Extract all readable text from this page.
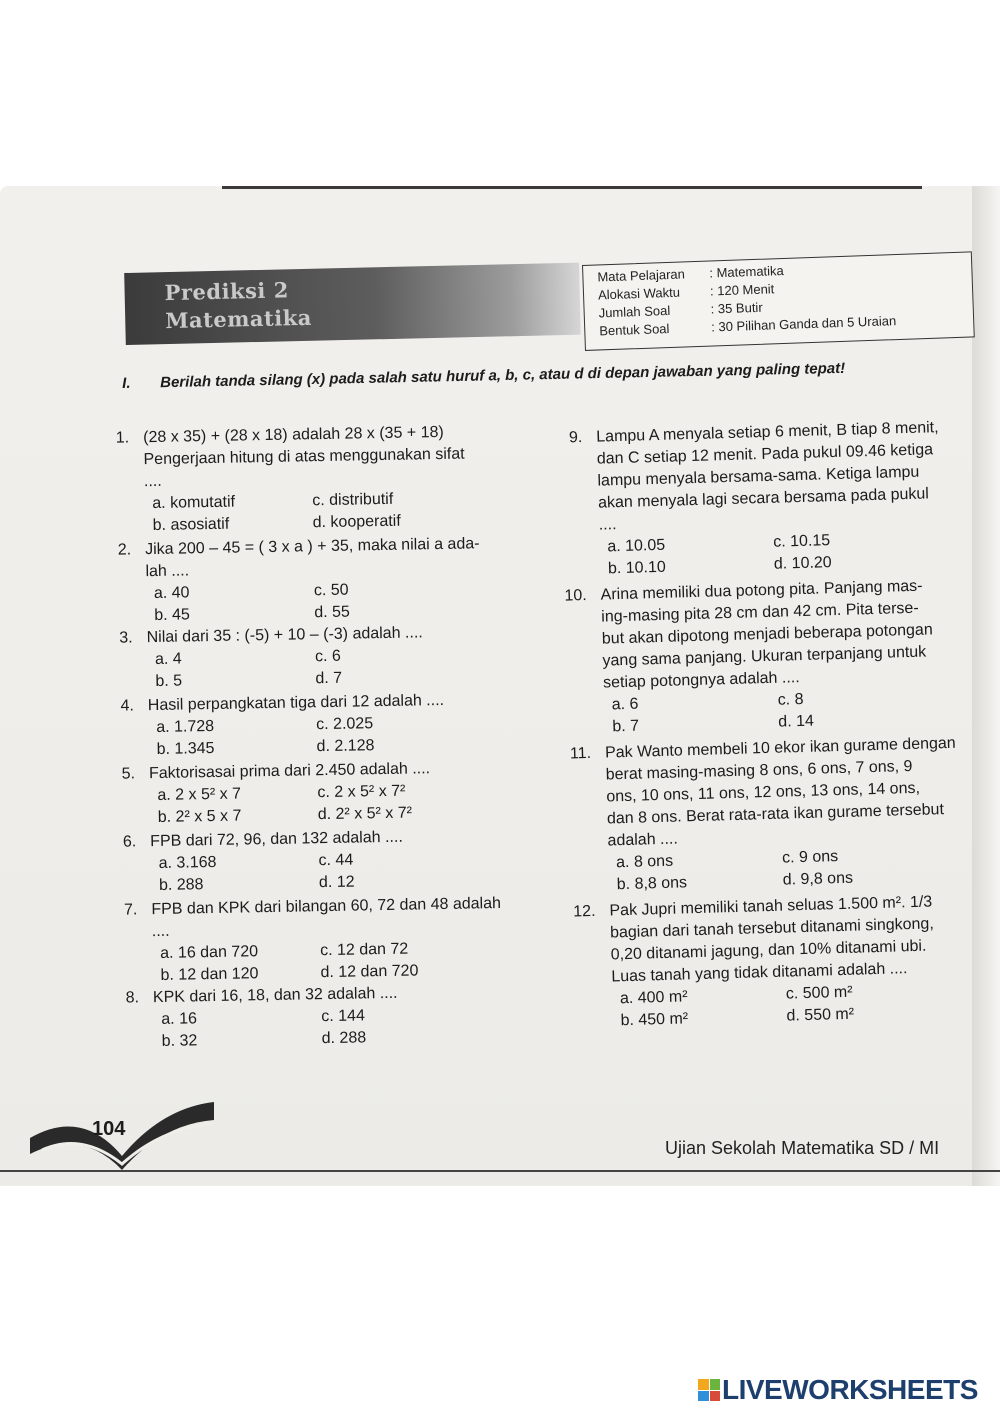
Prediksi 2
Matematika
Mata Pelajaran : Matematika
Alokasi Waktu : 120 Menit
Jumlah Soal	: 35 Butir
Bentuk Soal	: 30 Pilihan Ganda dan 5 Uraian
I. Berilah tanda silang (x) pada salah satu huruf a, b, c, atau d di depan jawaban yang paling tepat!
1. (28 x 35) + (28 x 18) adalah 28 x (35 + 18)
Pengerjaan hitung di atas menggunakan sifat
....
a. komutatif	c. distributif
b. asosiatif	d. kooperatif
2. Jika 200 – 45 = ( 3 x a ) + 35, maka nilai a ada-
lah ....
a. 40	c. 50
b. 45	d. 55
3. Nilai dari 35 : (-5) + 10 – (-3) adalah ....
a. 4	c. 6
b. 5	d. 7
4. Hasil perpangkatan tiga dari 12 adalah ....
a. 1.728	c. 2.025
b. 1.345	d. 2.128
5. Faktorisasai prima dari 2.450 adalah ....
a. 2 x 5² x 7	c. 2 x 5² x 7²
b. 2² x 5 x 7	d. 2² x 5² x 7²
6. FPB dari 72, 96, dan 132 adalah ....
a. 3.168	c. 44
b. 288	d. 12
7. FPB dan KPK dari bilangan 60, 72 dan 48 adalah
....
a. 16 dan 720	c. 12 dan 72
b. 12 dan 120	d. 12 dan 720
8. KPK dari 16, 18, dan 32 adalah ....
a. 16	c. 144
b. 32	d. 288
9. Lampu A menyala setiap 6 menit, B tiap 8 menit,
dan C setiap 12 menit. Pada pukul 09.46 ketiga
lampu menyala bersama-sama. Ketiga lampu
akan menyala lagi secara bersama pada pukul
....
a. 10.05	c. 10.15
b. 10.10	d. 10.20
10. Arina memiliki dua potong pita. Panjang mas-
ing-masing pita 28 cm dan 42 cm. Pita terse-
but akan dipotong menjadi beberapa potongan
yang sama panjang. Ukuran terpanjang untuk
setiap potongnya adalah ....
a. 6	c. 8
b. 7	d. 14
11. Pak Wanto membeli 10 ekor ikan gurame dengan
berat masing-masing 8 ons, 6 ons, 7 ons, 9
ons, 10 ons, 11 ons, 12 ons, 13 ons, 14 ons,
dan 8 ons. Berat rata-rata ikan gurame tersebut
adalah ....
a. 8 ons	c. 9 ons
b. 8,8 ons	d. 9,8 ons
12. Pak Jupri memiliki tanah seluas 1.500 m². 1/3
bagian dari tanah tersebut ditanami singkong,
0,20 ditanami jagung, dan 10% ditanami ubi.
Luas tanah yang tidak ditanami adalah ....
a. 400 m²	c. 500 m²
b. 450 m²	d. 550 m²
104
Ujian Sekolah Matematika SD / MI
LIVEWORKSHEETS
